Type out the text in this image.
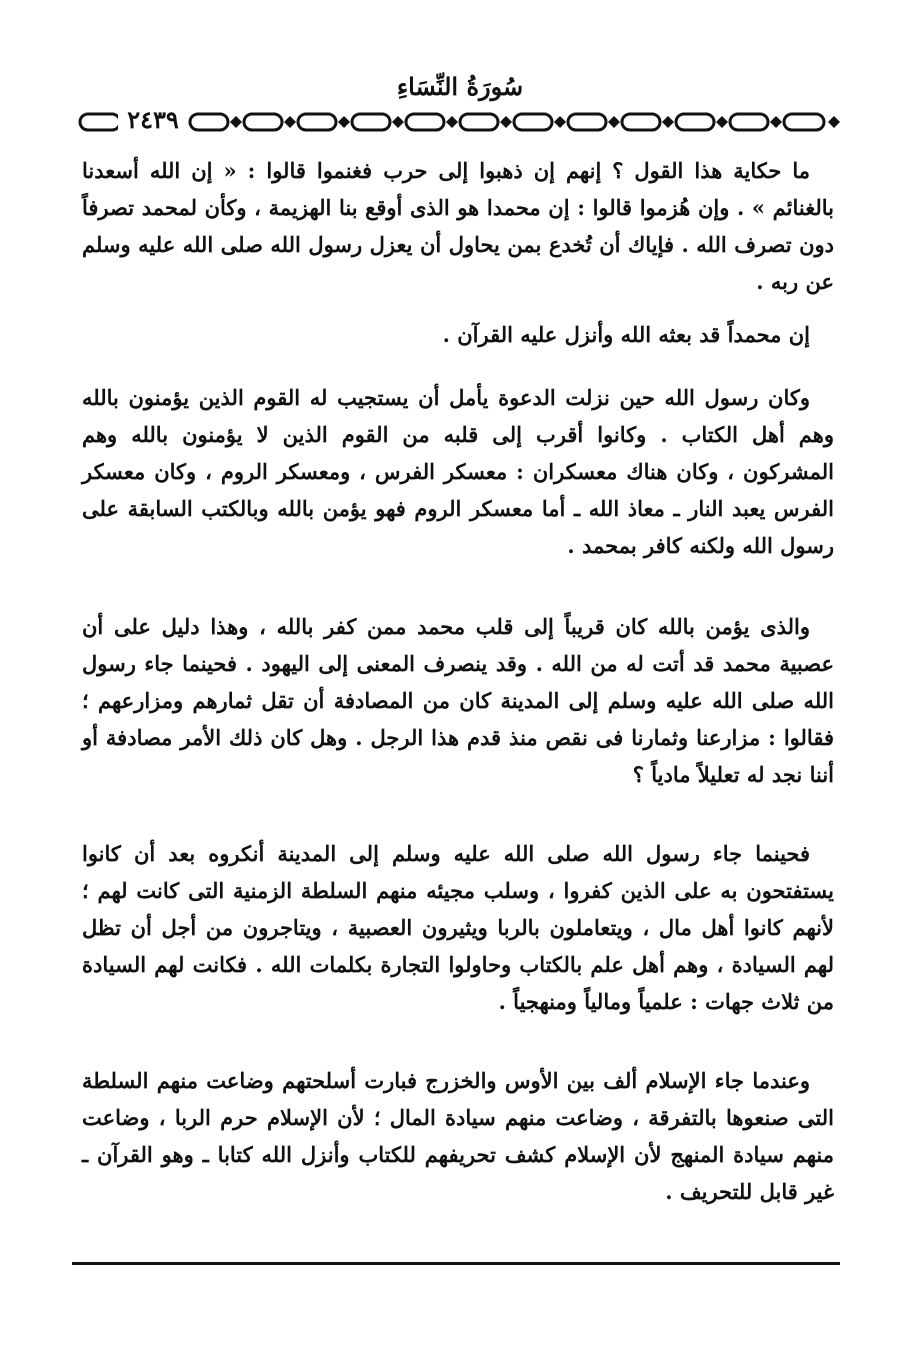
سُورَةُ النِّسَاءِ
٢٤٣٩

ما حكاية هذا القول ؟ إنهم إن ذهبوا إلى حرب فغنموا قالوا : « إن الله أسعدنا بالغنائم » . وإن هُزموا قالوا : إن محمدا هو الذى أوقع بنا الهزيمة ، وكأن لمحمد تصرفاً دون تصرف الله . فإياك أن تُخدع بمن يحاول أن يعزل رسول الله صلى الله عليه وسلم عن ربه .

إن محمداً قد بعثه الله وأنزل عليه القرآن .

وكان رسول الله حين نزلت الدعوة يأمل أن يستجيب له القوم الذين يؤمنون بالله وهم أهل الكتاب . وكانوا أقرب إلى قلبه من القوم الذين لا يؤمنون بالله وهم المشركون ، وكان هناك معسكران : معسكر الفرس ، ومعسكر الروم ، وكان معسكر الفرس يعبد النار ـ معاذ الله ـ أما معسكر الروم فهو يؤمن بالله وبالكتب السابقة على رسول الله ولكنه كافر بمحمد .

والذى يؤمن بالله كان قريباً إلى قلب محمد ممن كفر بالله ، وهذا دليل على أن عصبية محمد قد أتت له من الله . وقد ينصرف المعنى إلى اليهود . فحينما جاء رسول الله صلى الله عليه وسلم إلى المدينة كان من المصادفة أن تقل ثمارهم ومزارعهم ؛ فقالوا : مزارعنا وثمارنا فى نقص منذ قدم هذا الرجل . وهل كان ذلك الأمر مصادفة أو أننا نجد له تعليلاً مادياً ؟

فحينما جاء رسول الله صلى الله عليه وسلم إلى المدينة أنكروه بعد أن كانوا يستفتحون به على الذين كفروا ، وسلب مجيئه منهم السلطة الزمنية التى كانت لهم ؛ لأنهم كانوا أهل مال ، ويتعاملون بالربا ويثيرون العصبية ، ويتاجرون من أجل أن تظل لهم السيادة ، وهم أهل علم بالكتاب وحاولوا التجارة بكلمات الله . فكانت لهم السيادة من ثلاث جهات : علمياً ومالياً ومنهجياً .

وعندما جاء الإسلام ألف بين الأوس والخزرج فبارت أسلحتهم وضاعت منهم السلطة التى صنعوها بالتفرقة ، وضاعت منهم سيادة المال ؛ لأن الإسلام حرم الربا ، وضاعت منهم سيادة المنهج لأن الإسلام كشف تحريفهم للكتاب وأنزل الله كتابا ـ وهو القرآن ـ غير قابل للتحريف .
